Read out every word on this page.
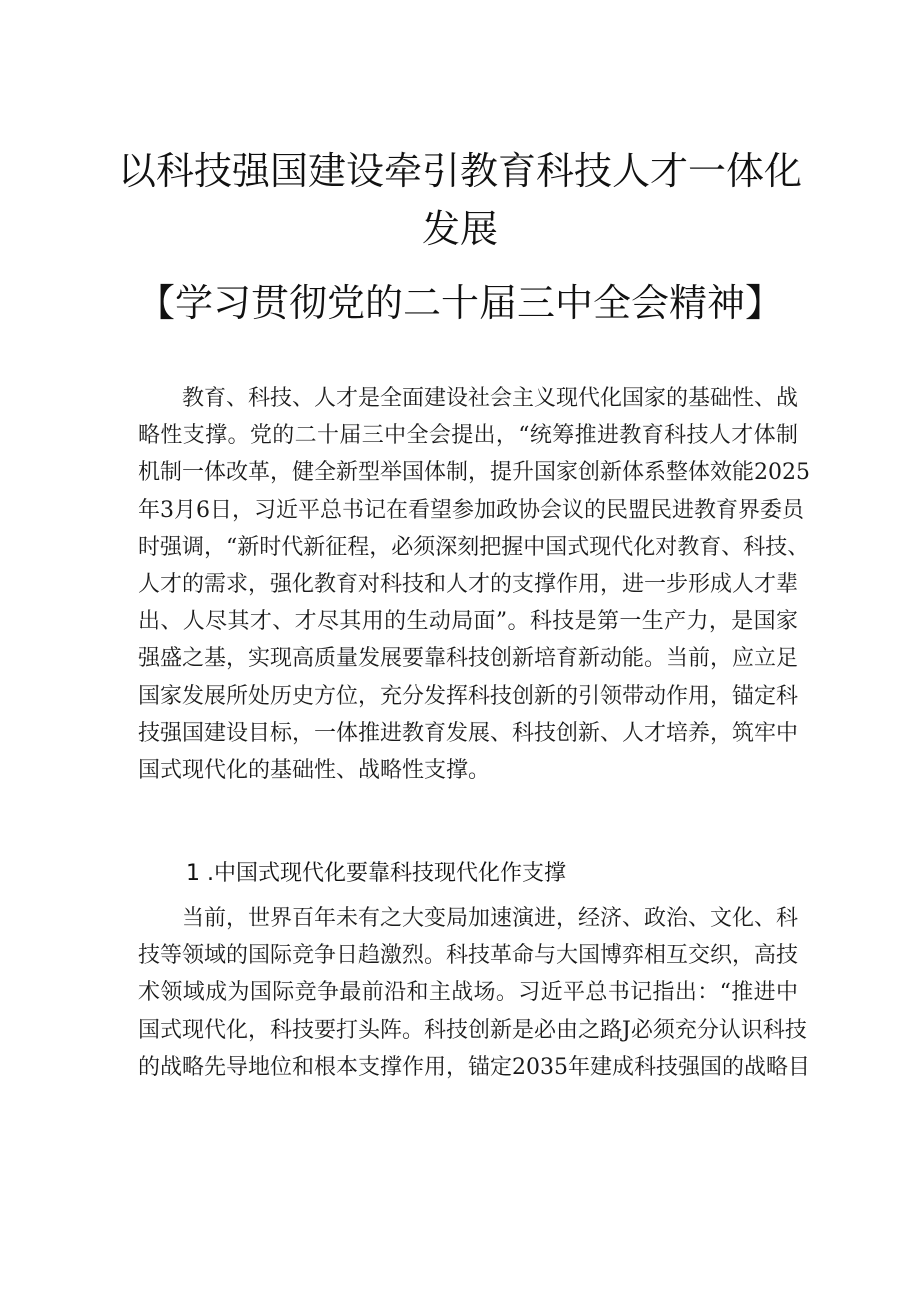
以科技强国建设牵引教育科技人才一体化
发展
【学习贯彻党的二十届三中全会精神】
　　教育、科技、人才是全面建设社会主义现代化国家的基础性、战
略性支撑。党的二十届三中全会提出，“统筹推进教育科技人才体制
机制一体改革，健全新型举国体制，提升国家创新体系整体效能2025
年3月6日，习近平总书记在看望参加政协会议的民盟民进教育界委员
时强调，“新时代新征程，必须深刻把握中国式现代化对教育、科技、
人才的需求，强化教育对科技和人才的支撑作用，进一步形成人才辈
出、人尽其才、才尽其用的生动局面”。科技是第一生产力，是国家
强盛之基，实现高质量发展要靠科技创新培育新动能。当前，应立足
国家发展所处历史方位，充分发挥科技创新的引领带动作用，锚定科
技强国建设目标，一体推进教育发展、科技创新、人才培养，筑牢中
国式现代化的基础性、战略性支撑。
1 .中国式现代化要靠科技现代化作支撑
　　当前，世界百年未有之大变局加速演进，经济、政治、文化、科
技等领域的国际竞争日趋激烈。科技革命与大国博弈相互交织，高技
术领域成为国际竞争最前沿和主战场。习近平总书记指出：“推进中
国式现代化，科技要打头阵。科技创新是必由之路J必须充分认识科技
的战略先导地位和根本支撑作用，锚定2035年建成科技强国的战略目
